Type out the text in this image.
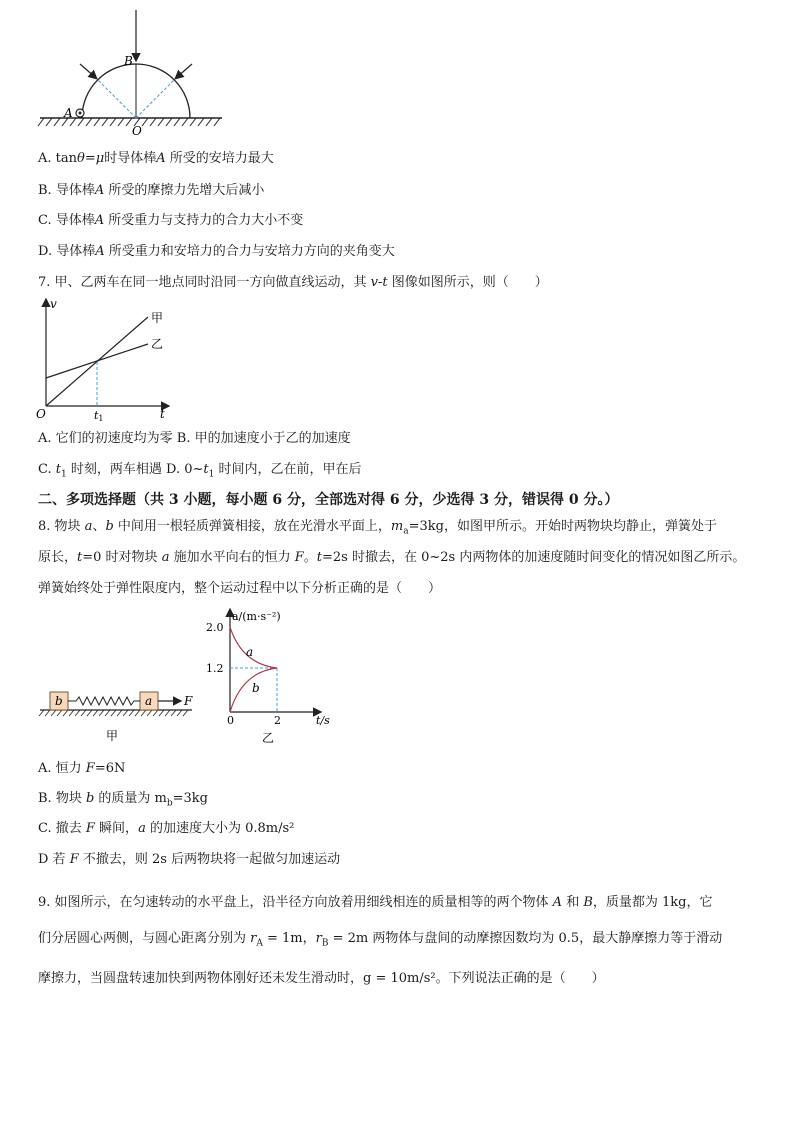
B
A
O
A. tanθ=μ时导体棒A 所受的安培力最大
B. 导体棒A 所受的摩擦力先增大后减小
C. 导体棒A 所受重力与支持力的合力大小不变
D. 导体棒A 所受重力和安培力的合力与安培力方向的夹角变大
7. 甲、乙两车在同一地点同时沿同一方向做直线运动，其 v-t 图像如图所示，则（　　）
v
t
O	t1
甲
乙
A. 它们的初速度均为零 B. 甲的加速度小于乙的加速度
C. $t_1$ 时刻，两车相遇 D. $0\sim t_1$ 时间内，乙在前，甲在后
二、多项选择题（共 3 小题，每小题 6 分，全部选对得 6 分，少选得 3 分，错误得 0 分。）
8. 物块 a、b 中间用一根轻质弹簧相接，放在光滑水平面上，$m_a=3kg$，如图甲所示。开始时两物块均静止，弹簧处于
原长，t=0 时对物块 a 施加水平向右的恒力 F。t=2s 时撤去，在 0~2s 内两物体的加速度随时间变化的情况如图乙所示。
弹簧始终处于弹性限度内，整个运动过程中以下分析正确的是（　　）
b	a	F
甲
a/(m·s⁻²)
2.0
1.2
0	2	t/s
a
b
乙
A. 恒力 F=6N
B. 物块 b 的质量为 $m_b=3kg$
C. 撤去 F 瞬间，a 的加速度大小为 0.8m/s²
D 若 F 不撤去，则 2s 后两物块将一起做匀加速运动
9. 如图所示，在匀速转动的水平盘上，沿半径方向放着用细线相连的质量相等的两个物体 A 和 B，质量都为 1kg，它
们分居圆心两侧，与圆心距离分别为 $r_A = 1m$，$r_B = 2m$ 两物体与盘间的动摩擦因数均为 0.5，最大静摩擦力等于滑动
摩擦力，当圆盘转速加快到两物体刚好还未发生滑动时，g = 10m/s²。下列说法正确的是（　　）
